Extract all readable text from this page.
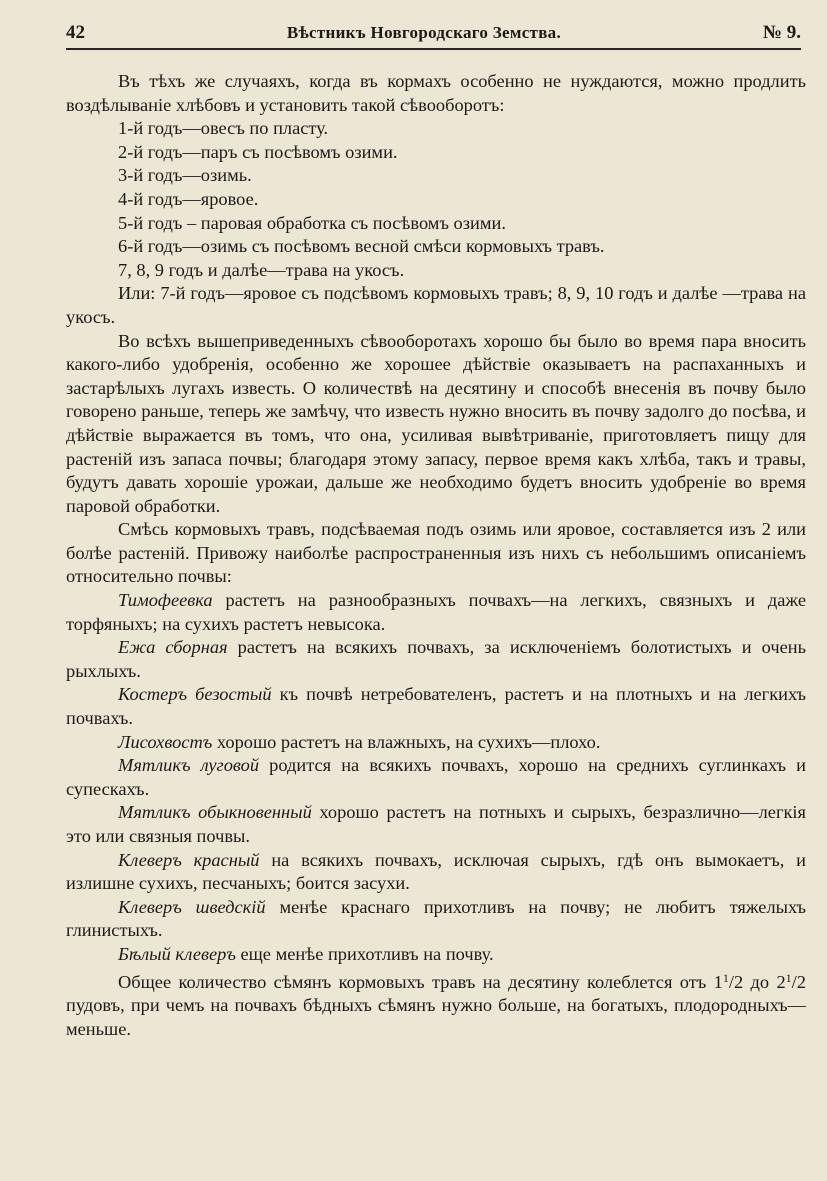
42	Вѣстникъ Новгородскаго Земства.	№ 9.

Въ тѣхъ же случаяхъ, когда въ кормахъ особенно не нуждаются, можно продлить воздѣлываніе хлѣбовъ и установить такой сѣвооборотъ:

1-й годъ—овесъ по пласту.

2-й годъ—паръ съ посѣвомъ озими.

3-й годъ—озимь.

4-й годъ—яровое.

5-й годъ – паровая обработка съ посѣвомъ озими.

6-й годъ—озимь съ посѣвомъ весной смѣси кормовыхъ травъ.

7, 8, 9 годъ и далѣе—трава на укосъ.

Или: 7-й годъ—яровое съ подсѣвомъ кормовыхъ травъ; 8, 9, 10 годъ и далѣе —трава на укосъ.

Во всѣхъ вышеприведенныхъ сѣвооборотахъ хорошо бы было во время пара вносить какого-либо удобренія, особенно же хорошее дѣйствіе оказываетъ на распаханныхъ и застарѣлыхъ лугахъ известь. О количествѣ на десятину и способѣ внесенія въ почву было говорено раньше, теперь же замѣчу, что известь нужно вносить въ почву задолго до посѣва, и дѣйствіе выражается въ томъ, что она, усиливая вывѣтриваніе, приготовляетъ пищу для растеній изъ запаса почвы; благодаря этому запасу, первое время какъ хлѣба, такъ и травы, будутъ давать хорошіе урожаи, дальше же необходимо будетъ вносить удобреніе во время паровой обработки.

Смѣсь кормовыхъ травъ, подсѣваемая подъ озимь или яровое, составляется изъ 2 или болѣе растеній. Привожу наиболѣе распространенныя изъ нихъ съ небольшимъ описаніемъ относительно почвы:

Тимофеевка растетъ на разнообразныхъ почвахъ—на легкихъ, связныхъ и даже торфяныхъ; на сухихъ растетъ невысока.

Ежа сборная растетъ на всякихъ почвахъ, за исключеніемъ болотистыхъ и очень рыхлыхъ.

Костеръ безостый къ почвѣ нетребователенъ, растетъ и на плотныхъ и на легкихъ почвахъ.

Лисохвостъ хорошо растетъ на влажныхъ, на сухихъ—плохо.

Мятликъ луговой родится на всякихъ почвахъ, хорошо на среднихъ суглинкахъ и супескахъ.

Мятликъ обыкновенный хорошо растетъ на потныхъ и сырыхъ, безразлично—легкія это или связныя почвы.

Клеверъ красный на всякихъ почвахъ, исключая сырыхъ, гдѣ онъ вымокаетъ, и излишне сухихъ, песчаныхъ; боится засухи.

Клеверъ шведскій менѣе краснаго прихотливъ на почву; не любитъ тяжелыхъ глинистыхъ.

Бѣлый клеверъ еще менѣе прихотливъ на почву.

Общее количество сѣмянъ кормовыхъ травъ на десятину колеблется отъ $1^1/2$ до $2^1/2$ пудовъ, при чемъ на почвахъ бѣдныхъ сѣмянъ нужно больше, на богатыхъ, плодородныхъ—меньше.
